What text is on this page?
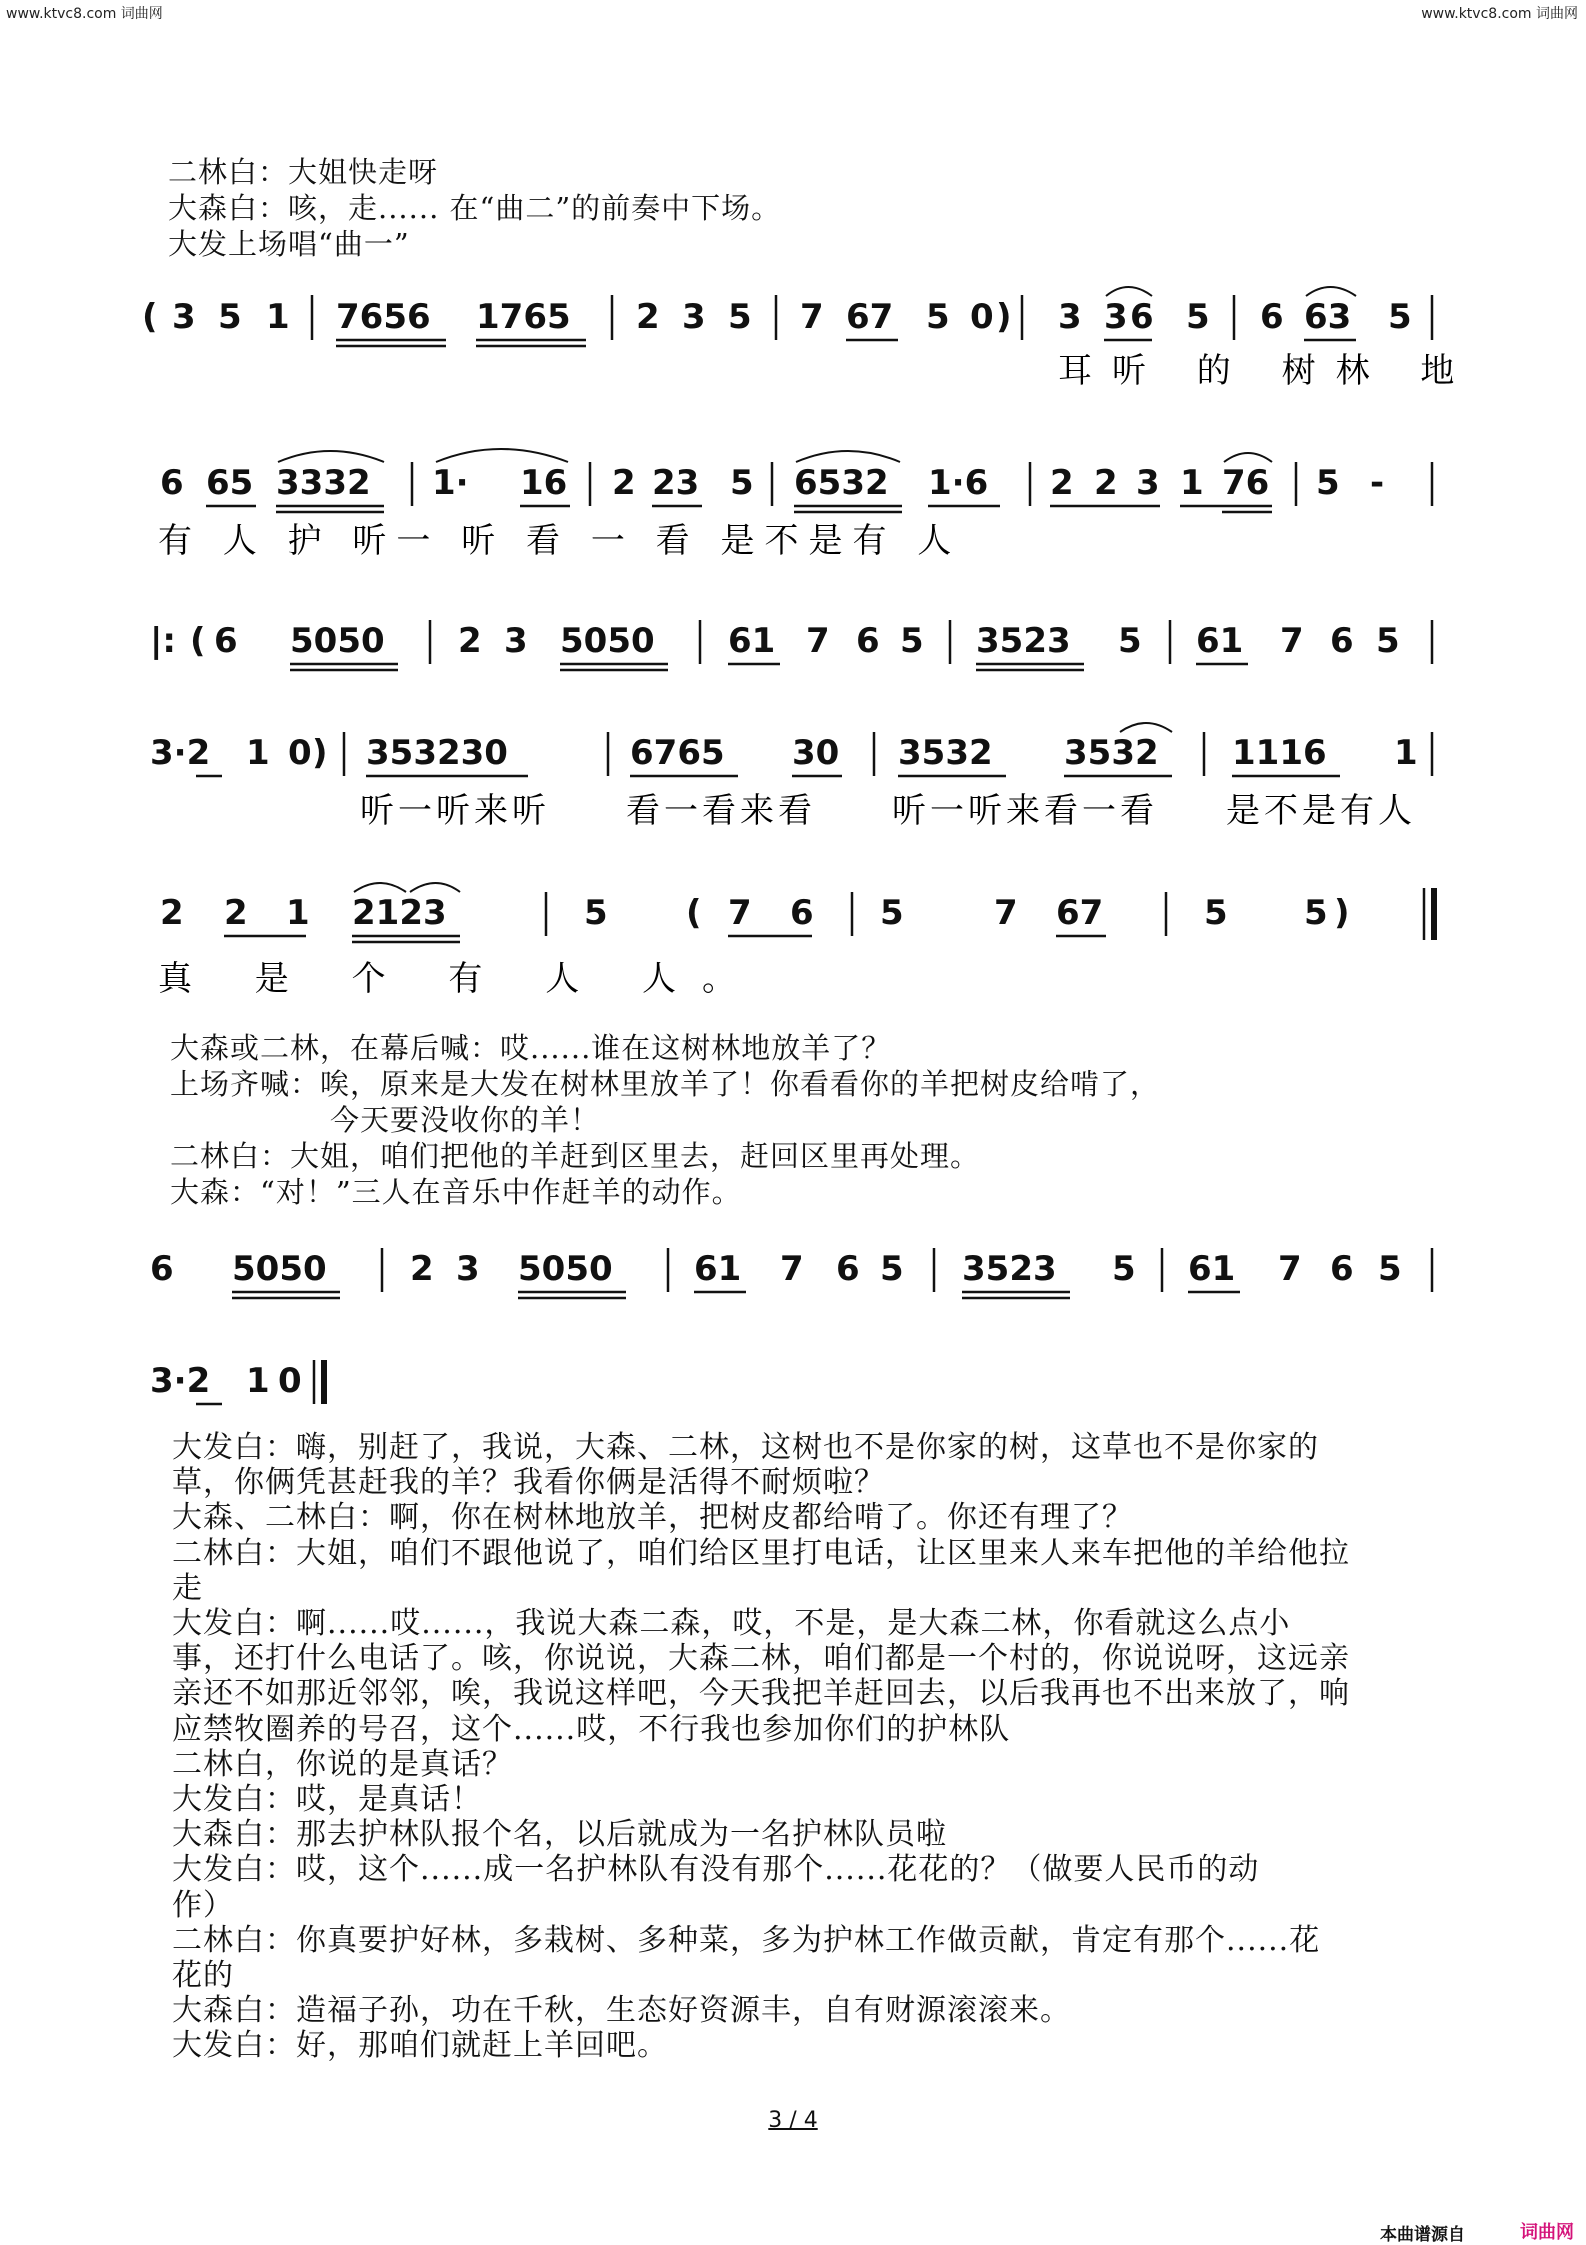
www.ktvc8.com 词曲网	www.ktvc8.com 词曲网
二林白：大姐快走呀
大森白：咳，走...... 在“曲二”的前奏中下场。
大发上场唱“曲一”
( 3 5 1 7656 1765 2 3 5 7 67 5 0 ) 3 3 6 5 6 63 5
耳听 的 树林 地
6 65 3332 1· 16 2 23 5 6532 1·6 2 2 3 1 76 5 -
有 人 护 听一 听 看 一 看 是不是有 人
|: ( 6 5050 2 3 5050 61 7 6 5 3523 5 61 7 6 5
3·2 1 0 ) 353230	6765 30 3532 3532 1116 1
听一听来听 看一看来看 听一听来看一看 是不是有人
2 2 1 2123	5 ( 7 6 5	7 67	5 5 )
真 是 个 有 人 人。
6 5050 2 3 5050 61 7 6 5 3523 5 61 7 6 5
3·2 1 0
大森或二林，在幕后喊：哎......谁在这树林地放羊了？
上场齐喊：唉，原来是大发在树林里放羊了！你看看你的羊把树皮给啃了，
今天要没收你的羊！
二林白：大姐，咱们把他的羊赶到区里去，赶回区里再处理。
大森：“对！”三人在音乐中作赶羊的动作。
大发白：嗨，别赶了，我说，大森、二林，这树也不是你家的树，这草也不是你家的
草，你俩凭甚赶我的羊？我看你俩是活得不耐烦啦？
大森、二林白：啊，你在树林地放羊，把树皮都给啃了。你还有理了？
二林白：大姐，咱们不跟他说了，咱们给区里打电话，让区里来人来车把他的羊给他拉
走
大发白：啊......哎......，我说大森二森，哎，不是，是大森二林，你看就这么点小
事，还打什么电话了。咳，你说说，大森二林，咱们都是一个村的，你说说呀，这远亲
亲还不如那近邻邻，唉，我说这样吧，今天我把羊赶回去，以后我再也不出来放了，响
应禁牧圈养的号召，这个......哎，不行我也参加你们的护林队
二林白，你说的是真话？
大发白：哎，是真话！
大森白：那去护林队报个名，以后就成为一名护林队员啦
大发白：哎，这个......成一名护林队有没有那个......花花的？（做要人民币的动
作）
二林白：你真要护好林，多栽树、多种菜，多为护林工作做贡献，肯定有那个......花
花的
大森白：造福子孙，功在千秋，生态好资源丰，自有财源滚滚来。
大发白：好，那咱们就赶上羊回吧。
3 / 4
本曲谱源自	词曲网
